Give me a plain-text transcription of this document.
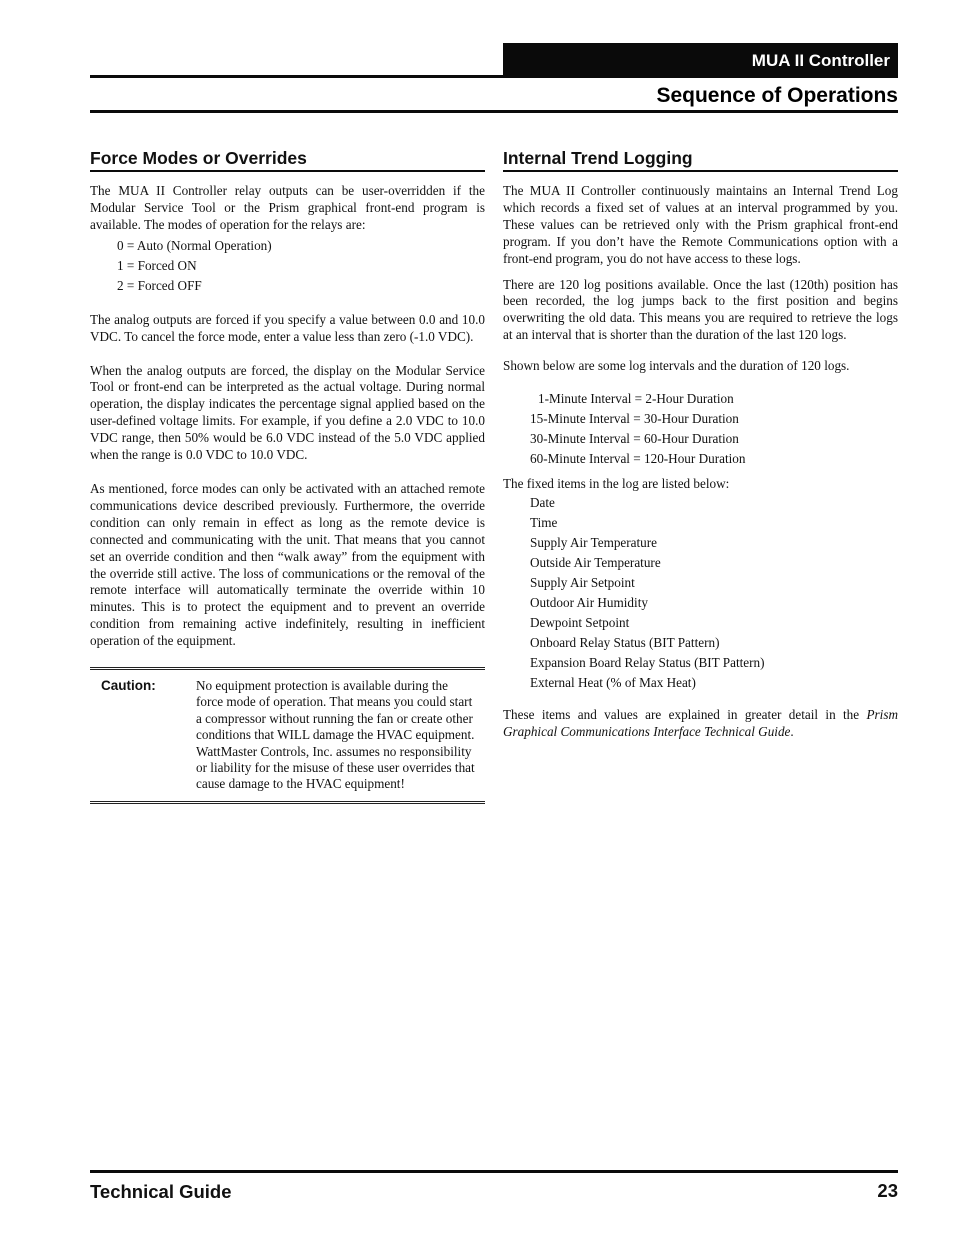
MUA II Controller
Sequence of Operations
Force Modes or Overrides

The MUA II Controller relay outputs can be user-overridden if the Modular Service Tool or the Prism graphical front-end program is available. The modes of operation for the relays are:

0 = Auto (Normal Operation)
1 = Forced ON
2 = Forced OFF

The analog outputs are forced if you specify a value between 0.0 and 10.0 VDC. To cancel the force mode, enter a value less than zero (-1.0 VDC).

When the analog outputs are forced, the display on the Modular Service Tool or front-end can be interpreted as the actual voltage. During normal operation, the display indicates the percentage signal applied based on the user-defined voltage limits. For example, if you define a 2.0 VDC to 10.0 VDC range, then 50% would be 6.0 VDC instead of the 5.0 VDC applied when the range is 0.0 VDC to 10.0 VDC.

As mentioned, force modes can only be activated with an attached remote communications device described previously. Furthermore, the override condition can only remain in effect as long as the remote device is connected and communicating with the unit. That means that you cannot set an override condition and then “walk away” from the equipment with the override still active. The loss of communications or the removal of the remote interface will automatically terminate the override within 10 minutes. This is to protect the equipment and to prevent an override condition from remaining active indefinitely, resulting in inefficient operation of the equipment.

Caution:	No equipment protection is available during the force mode of operation. That means you could start a compressor without running the fan or create other conditions that WILL damage the HVAC equipment. WattMaster Controls, Inc. assumes no responsibility or liability for the misuse of these user overrides that cause damage to the HVAC equipment!
Internal Trend Logging

The MUA II Controller continuously maintains an Internal Trend Log which records a fixed set of values at an interval programmed by you. These values can be retrieved only with the Prism graphical front-end program. If you don’t have the Remote Communications option with a front-end program, you do not have access to these logs.

There are 120 log positions available. Once the last (120th) position has been recorded, the log jumps back to the first position and begins overwriting the old data. This means you are required to retrieve the logs at an interval that is shorter than the duration of the last 120 logs.

Shown below are some log intervals and the duration of 120 logs.

1-Minute Interval = 2-Hour Duration
15-Minute Interval = 30-Hour Duration
30-Minute Interval = 60-Hour Duration
60-Minute Interval = 120-Hour Duration

The fixed items in the log are listed below:

Date
Time
Supply Air Temperature
Outside Air Temperature
Supply Air Setpoint
Outdoor Air Humidity
Dewpoint Setpoint
Onboard Relay Status (BIT Pattern)
Expansion Board Relay Status (BIT Pattern)
External Heat (% of Max Heat)

These items and values are explained in greater detail in the Prism Graphical Communications Interface Technical Guide.

Technical Guide	23
